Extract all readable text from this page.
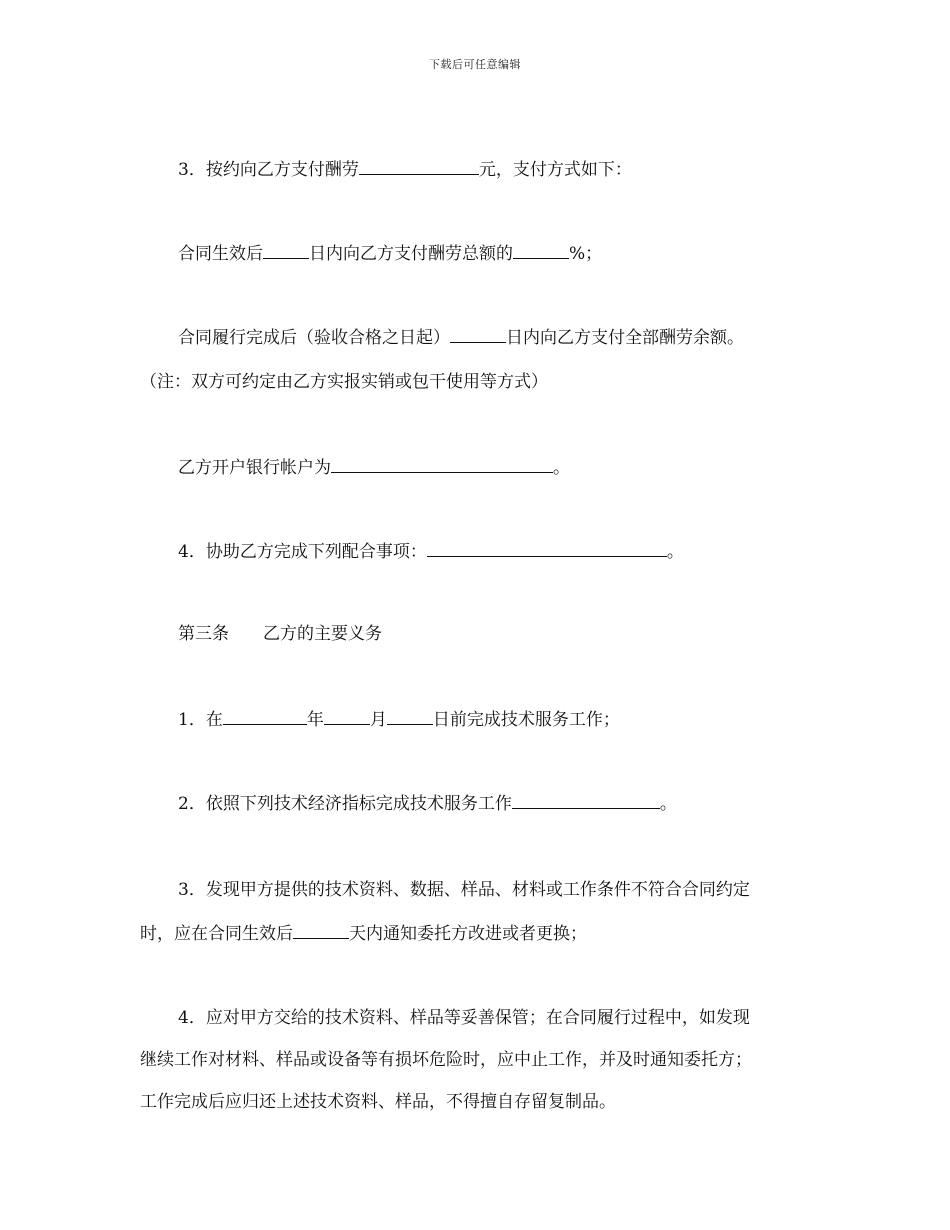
下载后可任意编辑
3．按约向乙方支付酬劳	元，支付方式如下：
合同生效后	日内向乙方支付酬劳总额的	%；
合同履行完成后（验收合格之日起）	日内向乙方支付全部酬劳余额。
（注：双方可约定由乙方实报实销或包干使用等方式）
乙方开户银行帐户为	。
4．协助乙方完成下列配合事项：	。
第三条 乙方的主要义务
1．在	年	月	日前完成技术服务工作；
2．依照下列技术经济指标完成技术服务工作	。
3．发现甲方提供的技术资料、数据、样品、材料或工作条件不符合合同约定
时，应在合同生效后	天内通知委托方改进或者更换；
4．应对甲方交给的技术资料、样品等妥善保管；在合同履行过程中，如发现
继续工作对材料、样品或设备等有损坏危险时，应中止工作，并及时通知委托方；
工作完成后应归还上述技术资料、样品，不得擅自存留复制品。
